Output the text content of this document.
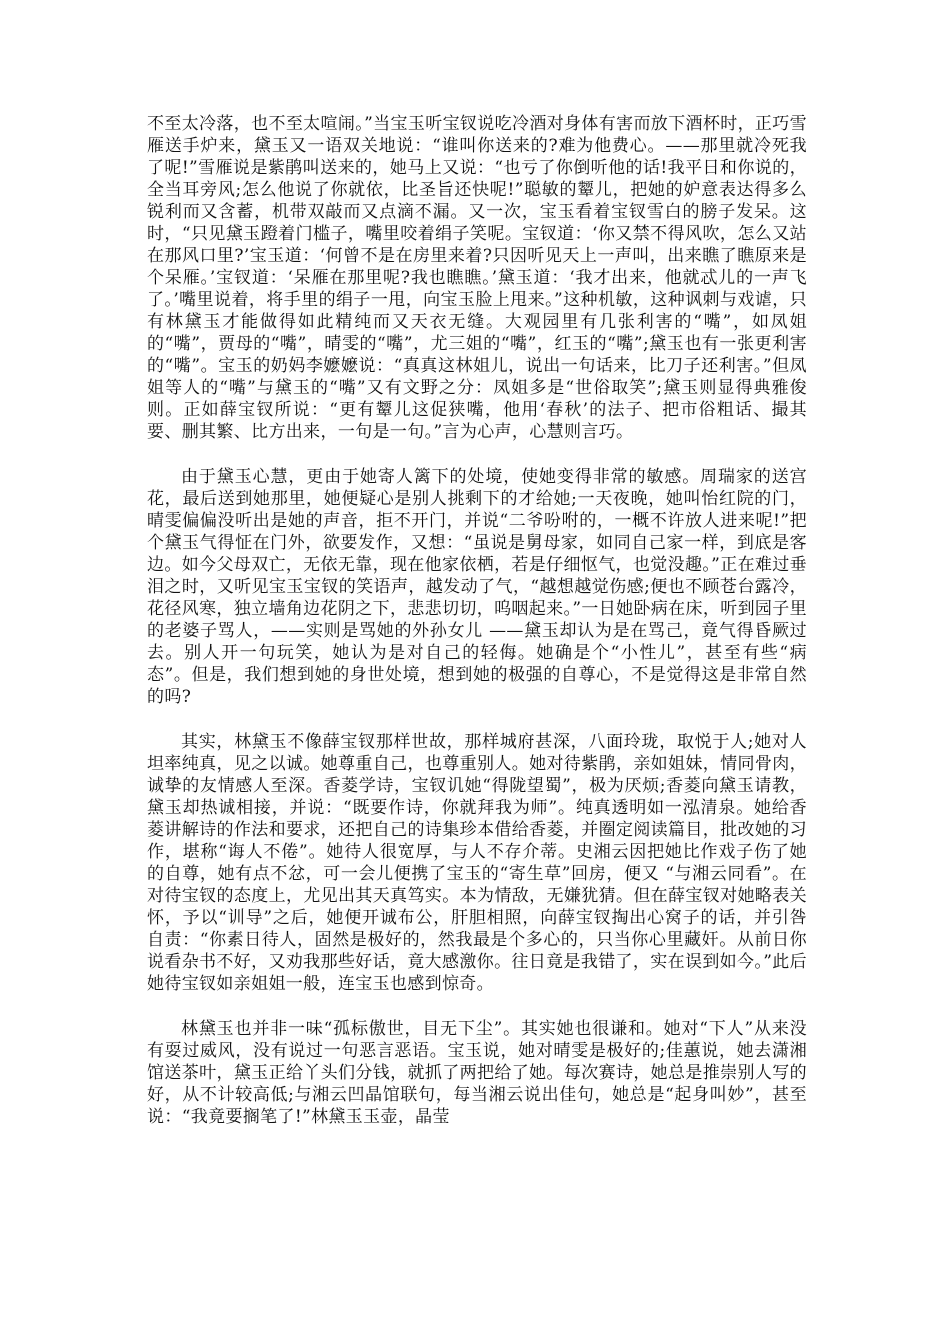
不至太冷落，也不至太喧闹。”当宝玉听宝钗说吃冷酒对身体有害而放下酒杯时，正巧雪雁送手炉来，黛玉又一语双关地说：“谁叫你送来的?难为他费心。——那里就冷死我了呢!”雪雁说是紫鹃叫送来的，她马上又说：“也亏了你倒听他的话!我平日和你说的，全当耳旁风;怎么他说了你就依，比圣旨还快呢!”聪敏的颦儿，把她的妒意表达得多么锐利而又含蓄，机带双敲而又点滴不漏。又一次，宝玉看着宝钗雪白的膀子发呆。这时，“只见黛玉蹬着门槛子，嘴里咬着绢子笑呢。宝钗道：‘你又禁不得风吹，怎么又站在那风口里?’宝玉道：‘何曾不是在房里来着?只因听见天上一声叫，出来瞧了瞧原来是个呆雁。’宝钗道：‘呆雁在那里呢?我也瞧瞧。’黛玉道：‘我才出来，他就忒儿的一声飞了。’嘴里说着，将手里的绢子一甩，向宝玉脸上甩来。”这种机敏，这种讽刺与戏谑，只有林黛玉才能做得如此精纯而又天衣无缝。大观园里有几张利害的“嘴”，如凤姐的“嘴”，贾母的“嘴”，晴雯的“嘴”，尤三姐的“嘴”，红玉的“嘴”;黛玉也有一张更利害的“嘴”。宝玉的奶妈李嬷嬷说：“真真这林姐儿，说出一句话来，比刀子还利害。”但凤姐等人的“嘴”与黛玉的“嘴”又有文野之分：凤姐多是“世俗取笑”;黛玉则显得典雅俊则。正如薛宝钗所说：“更有颦儿这促狭嘴，他用‘春秋’的法子、把市俗粗话、撮其要、删其繁、比方出来，一句是一句。”言为心声，心慧则言巧。

由于黛玉心慧，更由于她寄人篱下的处境，使她变得非常的敏感。周瑞家的送宫花，最后送到她那里，她便疑心是别人挑剩下的才给她;一天夜晚，她叫怡红院的门，晴雯偏偏没听出是她的声音，拒不开门，并说“二爷吩咐的，一概不许放人进来呢!”把个黛玉气得怔在门外，欲要发作，又想：“虽说是舅母家，如同自己家一样，到底是客边。如今父母双亡，无依无靠，现在他家依栖，若是仔细怄气，也觉没趣。”正在难过垂泪之时，又听见宝玉宝钗的笑语声，越发动了气，“越想越觉伤感;便也不顾苍台露冷，花径风寒，独立墙角边花阴之下，悲悲切切，呜咽起来。”一日她卧病在床，听到园子里的老婆子骂人，——实则是骂她的外孙女儿 ——黛玉却认为是在骂己，竟气得昏厥过去。别人开一句玩笑，她认为是对自己的轻侮。她确是个“小性儿”，甚至有些“病态”。但是，我们想到她的身世处境，想到她的极强的自尊心，不是觉得这是非常自然的吗?

其实，林黛玉不像薛宝钗那样世故，那样城府甚深，八面玲珑，取悦于人;她对人坦率纯真，见之以诚。她尊重自己，也尊重别人。她对待紫鹃，亲如姐妹，情同骨肉，诚挚的友情感人至深。香菱学诗，宝钗讥她“得陇望蜀”，极为厌烦;香菱向黛玉请教，黛玉却热诚相接，并说：“既要作诗，你就拜我为师”。纯真透明如一泓清泉。她给香菱讲解诗的作法和要求，还把自己的诗集珍本借给香菱，并圈定阅读篇目，批改她的习作，堪称“诲人不倦”。她待人很宽厚，与人不存介蒂。史湘云因把她比作戏子伤了她的自尊，她有点不忿，可一会儿便携了宝玉的“寄生草”回房，便又 “与湘云同看”。在对待宝钗的态度上，尤见出其天真笃实。本为情敌，无嫌犹猜。但在薛宝钗对她略表关怀，予以“训导”之后，她便开诚布公，肝胆相照，向薛宝钗掏出心窝子的话，并引咎自责：“你素日待人，固然是极好的，然我最是个多心的，只当你心里藏奸。从前日你说看杂书不好，又劝我那些好话，竟大感激你。往日竟是我错了，实在误到如今。”此后她待宝钗如亲姐姐一般，连宝玉也感到惊奇。

林黛玉也并非一味“孤标傲世，目无下尘”。其实她也很谦和。她对“下人”从来没有耍过威风，没有说过一句恶言恶语。宝玉说，她对晴雯是极好的;佳蕙说，她去潇湘馆送茶叶，黛玉正给丫头们分钱，就抓了两把给了她。每次赛诗，她总是推崇别人写的好，从不计较高低;与湘云凹晶馆联句，每当湘云说出佳句，她总是“起身叫妙”，甚至说：“我竟要搁笔了!”林黛玉玉壶，晶莹
